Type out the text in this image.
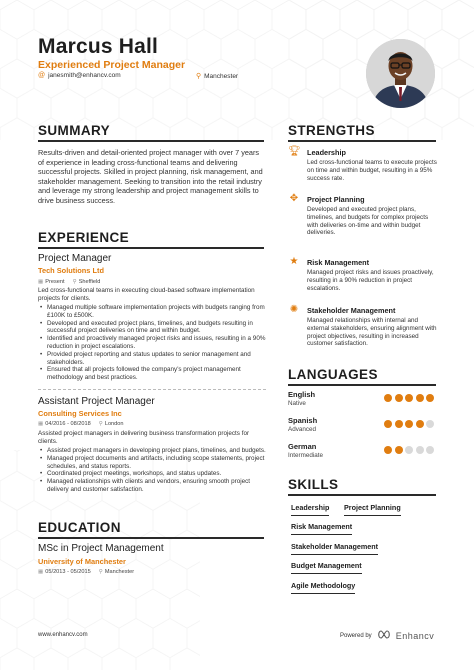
Marcus Hall
Experienced Project Manager
@ janesmith@enhancv.com	⚲ Manchester
SUMMARY
Results-driven and detail-oriented project manager with over 7 years of experience in leading cross-functional teams and delivering successful projects. Skilled in project planning, risk management, and stakeholder management. Seeking to transition into the retail industry and leverage my strong leadership and project management skills to drive business success.
EXPERIENCE
Project Manager
Tech Solutions Ltd
▦ Present ⚲ Sheffield
Led cross-functional teams in executing cloud-based software implementation projects for clients.
• Managed multiple software implementation projects with budgets ranging from £100K to £500K.
• Developed and executed project plans, timelines, and budgets resulting in successful project deliveries on time and within budget.
• Identified and proactively managed project risks and issues, resulting in a 90% reduction in project escalations.
• Provided project reporting and status updates to senior management and stakeholders.
• Ensured that all projects followed the company's project management methodology and best practices.
Assistant Project Manager
Consulting Services Inc
▦ 04/2016 - 08/2018 ⚲ London
Assisted project managers in delivering business transformation projects for clients.
• Assisted project managers in developing project plans, timelines, and budgets.
• Managed project documents and artifacts, including scope statements, project schedules, and status reports.
• Coordinated project meetings, workshops, and status updates.
• Managed relationships with clients and vendors, ensuring smooth project delivery and customer satisfaction.
EDUCATION
MSc in Project Management
University of Manchester
▦ 05/2013 - 05/2015 ⚲ Manchester
STRENGTHS
🏆︎ Leadership
Led cross-functional teams to execute projects on time and within budget, resulting in a 95% success rate.
✥ Project Planning
Developed and executed project plans, timelines, and budgets for complex projects with deliveries on-time and within budget deliveries.
★ Risk Management
Managed project risks and issues proactively, resulting in a 90% reduction in project escalations.
✺ Stakeholder Management
Managed relationships with internal and external stakeholders, ensuring alignment with project objectives, resulting in increased customer satisfaction.
LANGUAGES
English
Native
Spanish
Advanced
German
Intermediate
SKILLS
Leadership Project Planning
Risk Management
Stakeholder Management
Budget Management
Agile Methodology
www.enhancv.com	Powered by	Enhancv
